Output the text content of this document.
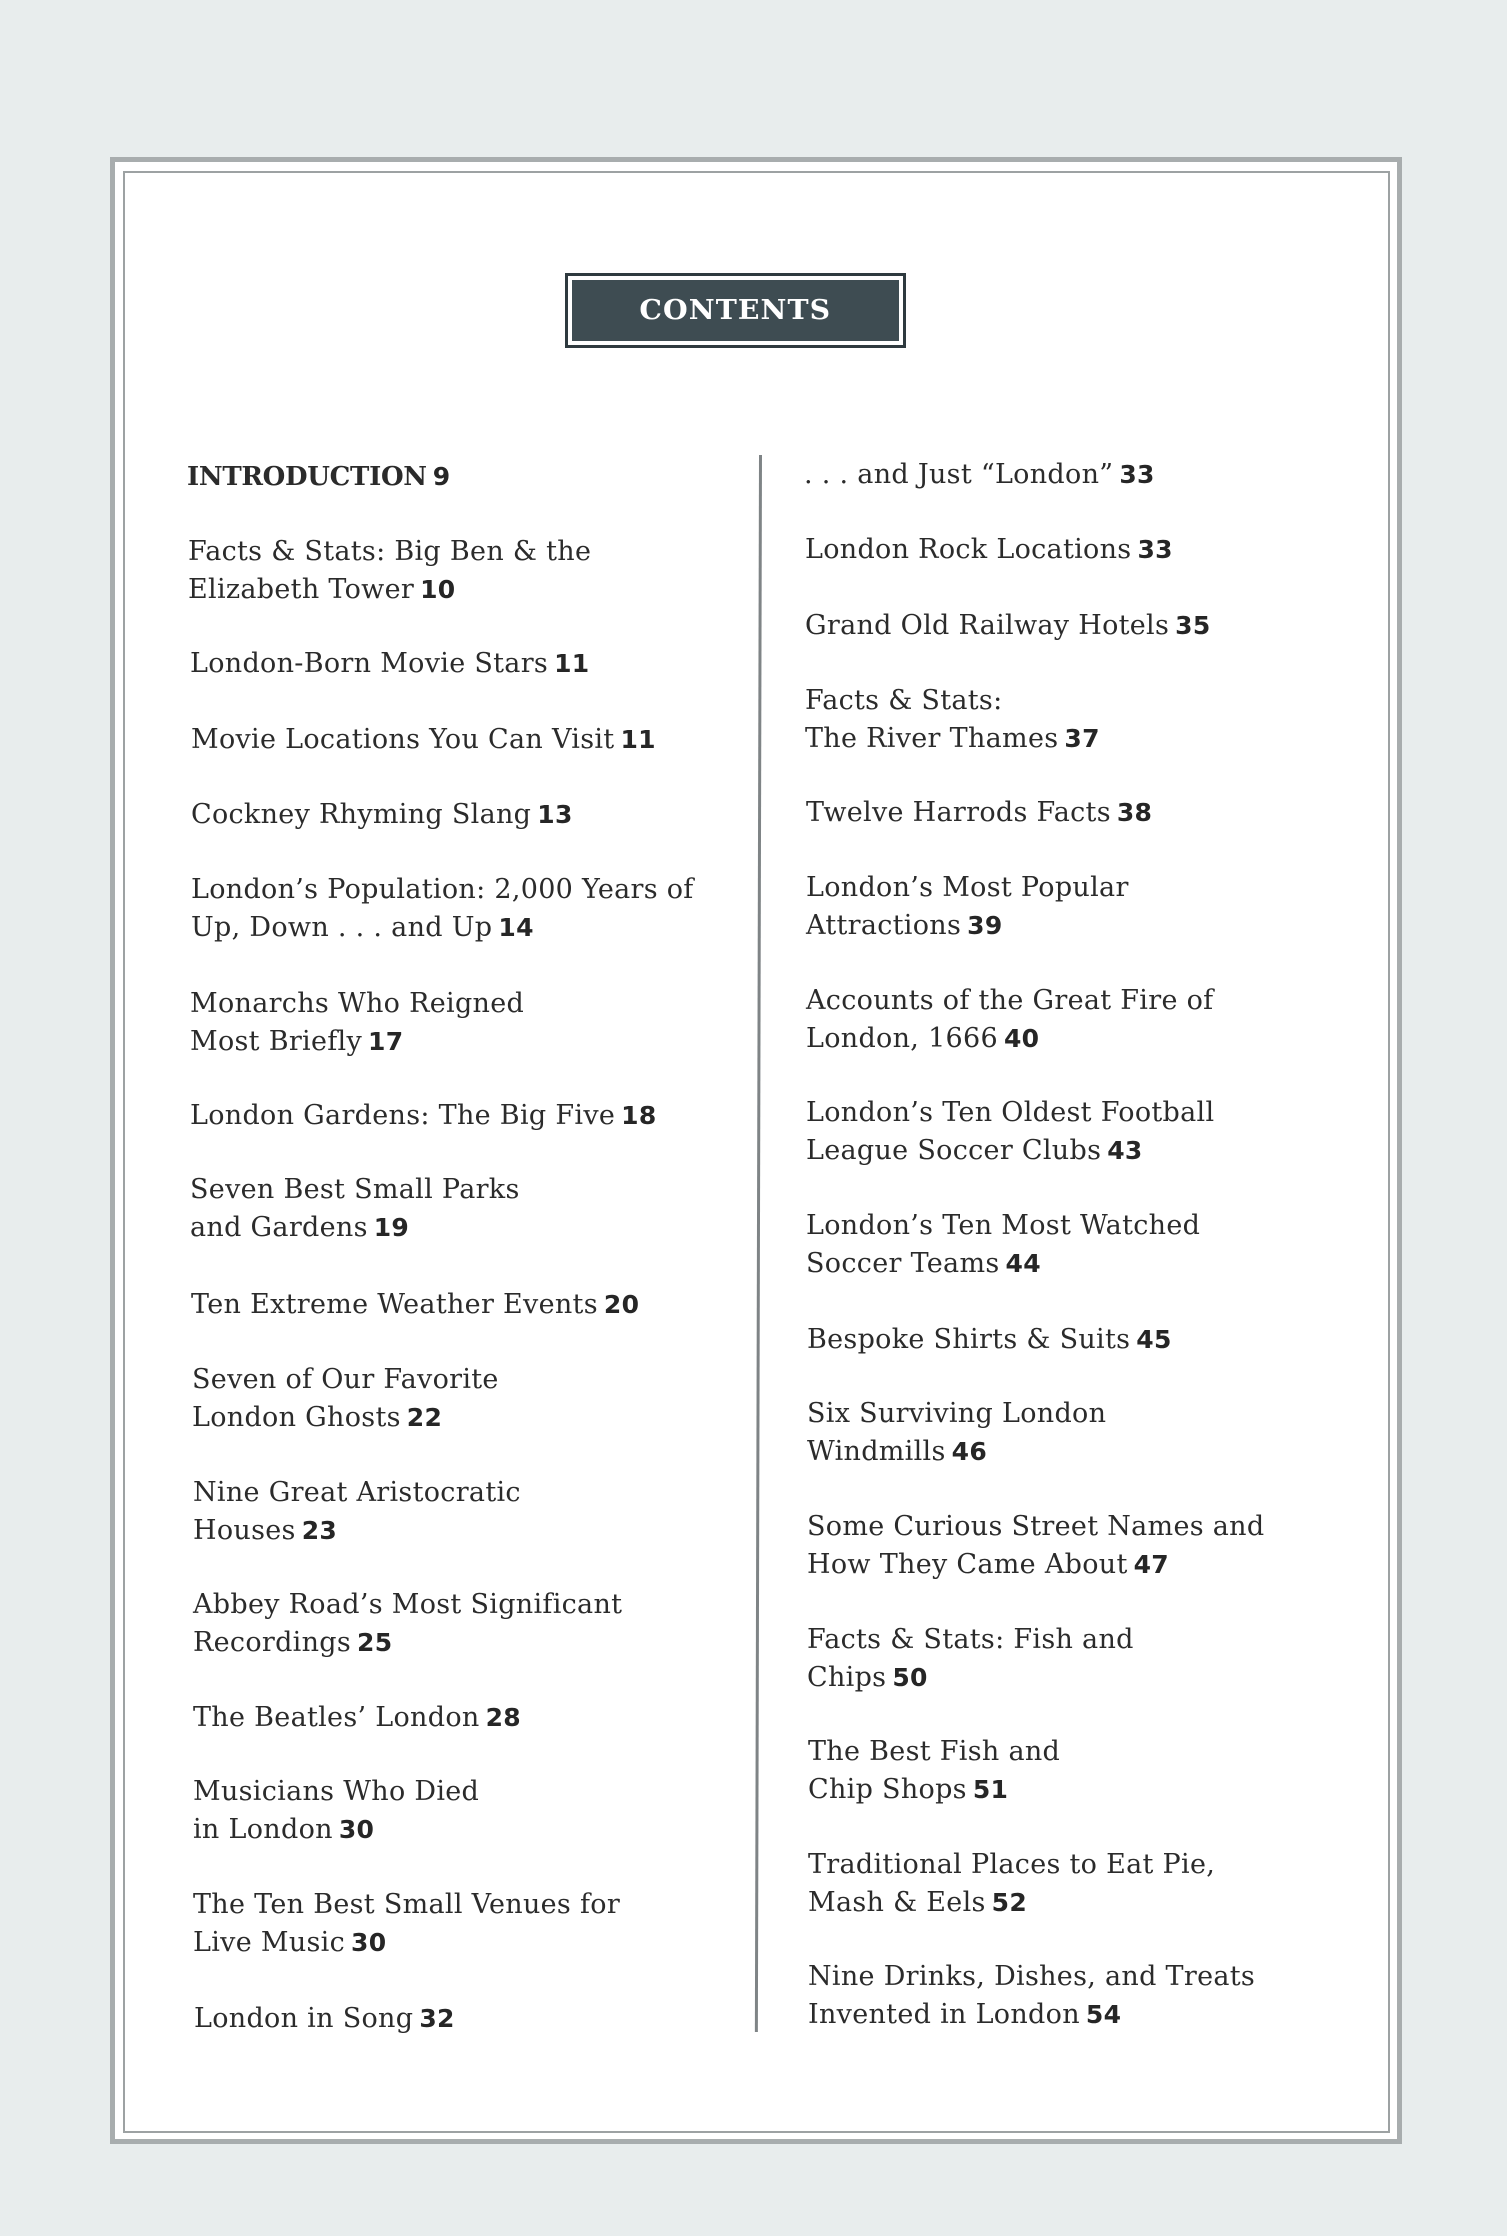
CONTENTS
INTRODUCTION 9
Facts & Stats: Big Ben & the
Elizabeth Tower 10
London-Born Movie Stars 11
Movie Locations You Can Visit 11
Cockney Rhyming Slang 13
London’s Population: 2,000 Years of
Up, Down . . . and Up 14
Monarchs Who Reigned
Most Briefly 17
London Gardens: The Big Five 18
Seven Best Small Parks
and Gardens 19
Ten Extreme Weather Events 20
Seven of Our Favorite
London Ghosts 22
Nine Great Aristocratic
Houses 23
Abbey Road’s Most Significant
Recordings 25
The Beatles’ London 28
Musicians Who Died
in London 30
The Ten Best Small Venues for
Live Music 30
London in Song 32
. . . and Just “London” 33
London Rock Locations 33
Grand Old Railway Hotels 35
Facts & Stats:
The River Thames 37
Twelve Harrods Facts 38
London’s Most Popular
Attractions 39
Accounts of the Great Fire of
London, 1666 40
London’s Ten Oldest Football
League Soccer Clubs 43
London’s Ten Most Watched
Soccer Teams 44
Bespoke Shirts & Suits 45
Six Surviving London
Windmills 46
Some Curious Street Names and
How They Came About 47
Facts & Stats: Fish and
Chips 50
The Best Fish and
Chip Shops 51
Traditional Places to Eat Pie,
Mash & Eels 52
Nine Drinks, Dishes, and Treats
Invented in London 54
